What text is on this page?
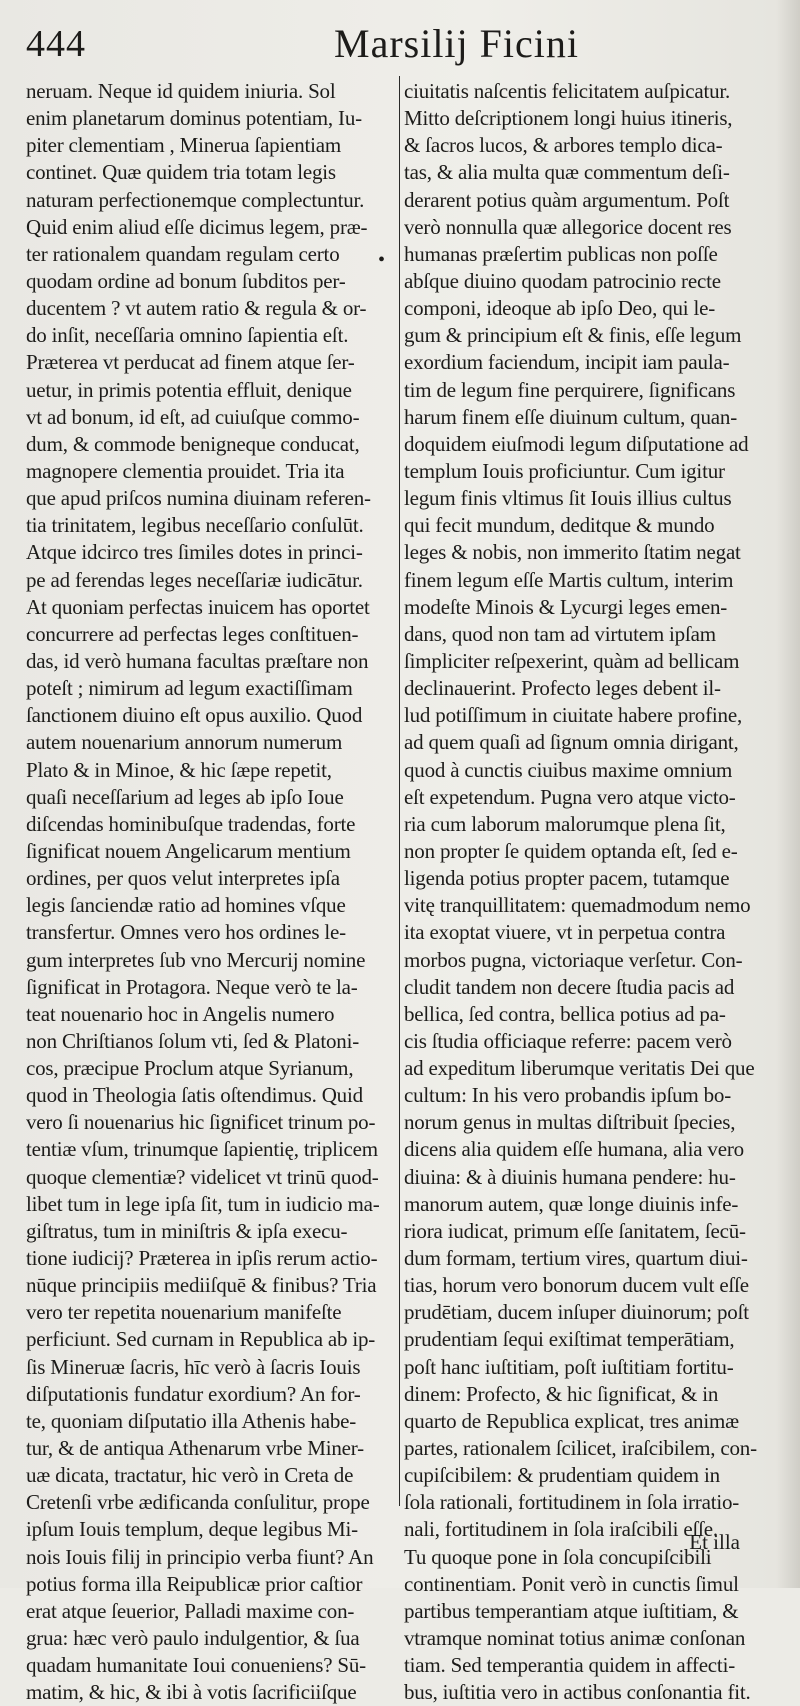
444	Marsilij Ficini
neruam. Neque id quidem iniuria. Sol
enim planetarum dominus potentiam, Iu-
piter clementiam , Minerua ſapientiam
continet. Quæ quidem tria totam legis
naturam perfectionemque complectuntur.
Quid enim aliud eſſe dicimus legem, præ-
ter rationalem quandam regulam certo
quodam ordine ad bonum ſubditos per-
ducentem ? vt autem ratio & regula & or-
do inſit, neceſſaria omnino ſapientia eſt.
Præterea vt perducat ad finem atque ſer-
uetur, in primis potentia effluit, denique
vt ad bonum, id eſt, ad cuiuſque commo-
dum, & commode benigneque conducat,
magnopere clementia prouidet. Tria ita
que apud priſcos numina diuinam referen-
tia trinitatem, legibus neceſſario conſulūt.
Atque idcirco tres ſimiles dotes in princi-
pe ad ferendas leges neceſſariæ iudicātur.
At quoniam perfectas inuicem has oportet
concurrere ad perfectas leges conſtituen-
das, id verò humana facultas præſtare non
poteſt ; nimirum ad legum exactiſſimam
ſanctionem diuino eſt opus auxilio. Quod
autem nouenarium annorum numerum
Plato & in Minoe, & hic ſæpe repetit,
quaſi neceſſarium ad leges ab ipſo Ioue
diſcendas hominibuſque tradendas, forte
ſignificat nouem Angelicarum mentium
ordines, per quos velut interpretes ipſa
legis ſanciendæ ratio ad homines vſque
transfertur. Omnes vero hos ordines le-
gum interpretes ſub vno Mercurij nomine
ſignificat in Protagora. Neque verò te la-
teat nouenario hoc in Angelis numero
non Chriſtianos ſolum vti, ſed & Platoni-
cos, præcipue Proclum atque Syrianum,
quod in Theologia ſatis oſtendimus. Quid
vero ſi nouenarius hic ſignificet trinum po-
tentiæ vſum, trinumque ſapientię, triplicem
quoque clementiæ? videlicet vt trinū quod-
libet tum in lege ipſa ſit, tum in iudicio ma-
giſtratus, tum in miniſtris & ipſa execu-
tione iudicij? Præterea in ipſis rerum actio-
nūque principiis mediiſquē & finibus? Tria
vero ter repetita nouenarium manifeſte
perficiunt. Sed curnam in Republica ab ip-
ſis Mineruæ ſacris, hīc verò à ſacris Iouis
diſputationis fundatur exordium? An for-
te, quoniam diſputatio illa Athenis habe-
tur, & de antiqua Athenarum vrbe Miner-
uæ dicata, tractatur, hic verò in Creta de
Cretenſi vrbe ædificanda conſulitur, prope
ipſum Iouis templum, deque legibus Mi-
nois Iouis filij in principio verba fiunt? An
potius forma illa Reipublicæ prior caſtior
erat atque ſeuerior, Palladi maxime con-
grua: hæc verò paulo indulgentior, & ſua
quadam humanitate Ioui conueniens? Sū-
matim, & hic, & ibi à votis ſacrificiiſque
ciuitatis naſcentis felicitatem auſpicatur.
Mitto deſcriptionem longi huius itineris,
& ſacros lucos, & arbores templo dica-
tas, & alia multa quæ commentum deſi-
derarent potius quàm argumentum. Poſt
verò nonnulla quæ allegorice docent res
humanas præſertim publicas non poſſe
abſque diuino quodam patrocinio recte
componi, ideoque ab ipſo Deo, qui le-
gum & principium eſt & finis, eſſe legum
exordium faciendum, incipit iam paula-
tim de legum fine perquirere, ſignificans
harum finem eſſe diuinum cultum, quan-
doquidem eiuſmodi legum diſputatione ad
templum Iouis proficiuntur. Cum igitur
legum finis vltimus ſit Iouis illius cultus
qui fecit mundum, deditque & mundo
leges & nobis, non immerito ſtatim negat
finem legum eſſe Martis cultum, interim
modeſte Minois & Lycurgi leges emen-
dans, quod non tam ad virtutem ipſam
ſimpliciter reſpexerint, quàm ad bellicam
declinauerint. Profecto leges debent il-
lud potiſſimum in ciuitate habere profine,
ad quem quaſi ad ſignum omnia dirigant,
quod à cunctis ciuibus maxime omnium
eſt expetendum. Pugna vero atque victo-
ria cum laborum malorumque plena ſit,
non propter ſe quidem optanda eſt, ſed e-
ligenda potius propter pacem, tutamque
vitę tranquillitatem: quemadmodum nemo
ita exoptat viuere, vt in perpetua contra
morbos pugna, victoriaque verſetur. Con-
cludit tandem non decere ſtudia pacis ad
bellica, ſed contra, bellica potius ad pa-
cis ſtudia officiaque referre: pacem verò
ad expeditum liberumque veritatis Dei que
cultum: In his vero probandis ipſum bo-
norum genus in multas diſtribuit ſpecies,
dicens alia quidem eſſe humana, alia vero
diuina: & à diuinis humana pendere: hu-
manorum autem, quæ longe diuinis infe-
riora iudicat, primum eſſe ſanitatem, ſecū-
dum formam, tertium vires, quartum diui-
tias, horum vero bonorum ducem vult eſſe
prudētiam, ducem inſuper diuinorum; poſt
prudentiam ſequi exiſtimat temperātiam,
poſt hanc iuſtitiam, poſt iuſtitiam fortitu-
dinem: Profecto, & hic ſignificat, & in
quarto de Republica explicat, tres animæ
partes, rationalem ſcilicet, iraſcibilem, con-
cupiſcibilem: & prudentiam quidem in
ſola rationali, fortitudinem in ſola irratio-
nali, fortitudinem in ſola iraſcibili eſſe.
Tu quoque pone in ſola concupiſcibili
continentiam. Ponit verò in cunctis ſimul
partibus temperantiam atque iuſtitiam, &
vtramque nominat totius animæ conſonan
tiam. Sed temperantia quidem in affecti-
bus, iuſtitia vero in actibus conſonantia fit.
•
Et illa
